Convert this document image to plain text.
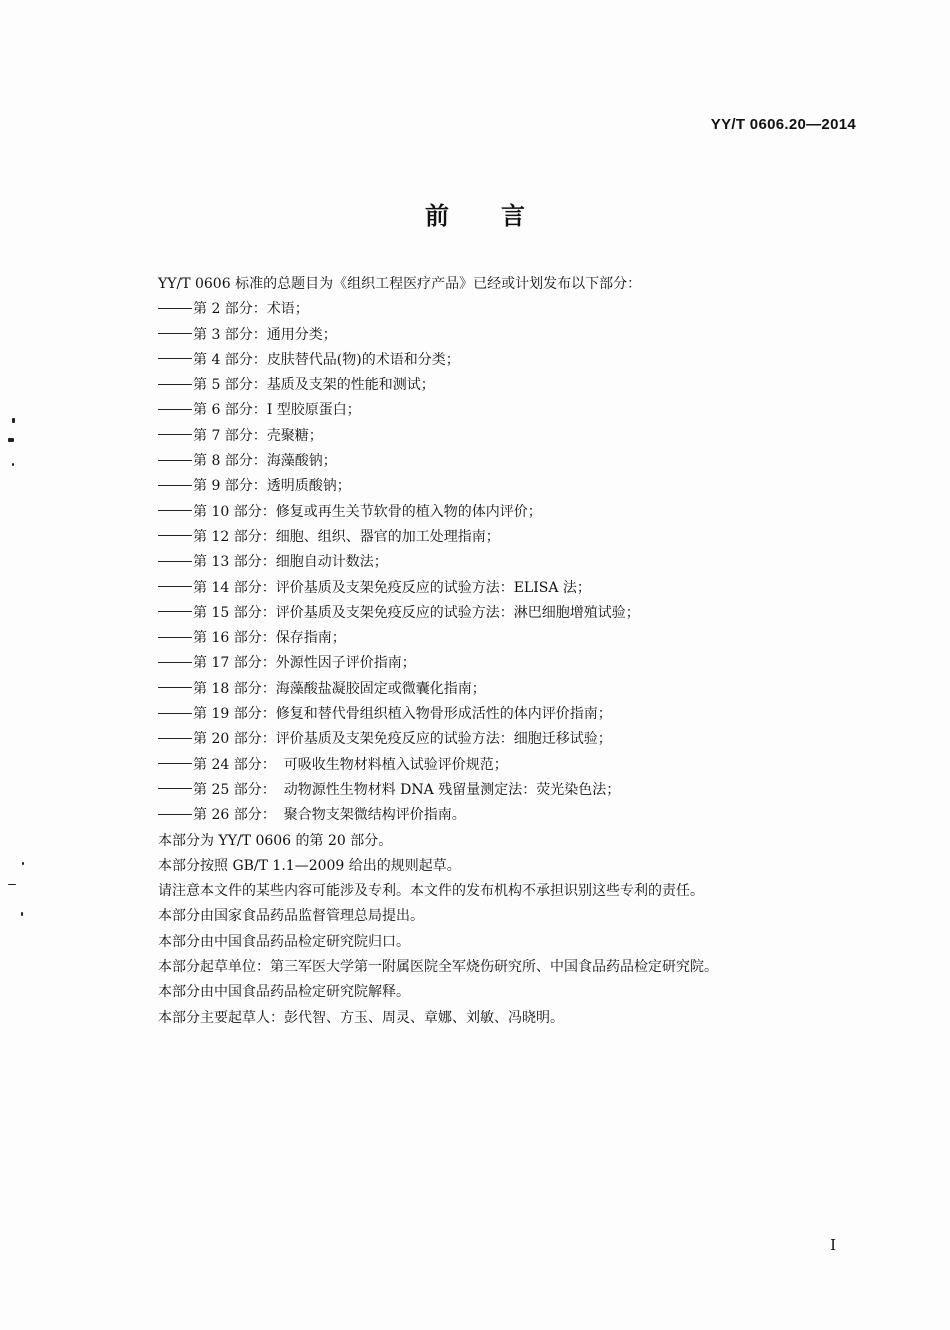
YY/T 0606.20—2014
前言
YY/T 0606 标准的总题目为《组织工程医疗产品》已经或计划发布以下部分：
第 2 部分：术语；
第 3 部分：通用分类；
第 4 部分：皮肤替代品(物)的术语和分类；
第 5 部分：基质及支架的性能和测试；
第 6 部分：I 型胶原蛋白；
第 7 部分：壳聚糖；
第 8 部分：海藻酸钠；
第 9 部分：透明质酸钠；
第 10 部分：修复或再生关节软骨的植入物的体内评价；
第 12 部分：细胞、组织、器官的加工处理指南；
第 13 部分：细胞自动计数法；
第 14 部分：评价基质及支架免疫反应的试验方法：ELISA 法；
第 15 部分：评价基质及支架免疫反应的试验方法：淋巴细胞增殖试验；
第 16 部分：保存指南；
第 17 部分：外源性因子评价指南；
第 18 部分：海藻酸盐凝胶固定或微囊化指南；
第 19 部分：修复和替代骨组织植入物骨形成活性的体内评价指南；
第 20 部分：评价基质及支架免疫反应的试验方法：细胞迁移试验；
第 24 部分： 可吸收生物材料植入试验评价规范；
第 25 部分： 动物源性生物材料 DNA 残留量测定法：荧光染色法；
第 26 部分： 聚合物支架微结构评价指南。
本部分为 YY/T 0606 的第 20 部分。
本部分按照 GB/T 1.1—2009 给出的规则起草。
请注意本文件的某些内容可能涉及专利。本文件的发布机构不承担识别这些专利的责任。
本部分由国家食品药品监督管理总局提出。
本部分由中国食品药品检定研究院归口。
本部分起草单位：第三军医大学第一附属医院全军烧伤研究所、中国食品药品检定研究院。
本部分由中国食品药品检定研究院解释。
本部分主要起草人：彭代智、方玉、周灵、章娜、刘敏、冯晓明。
I
